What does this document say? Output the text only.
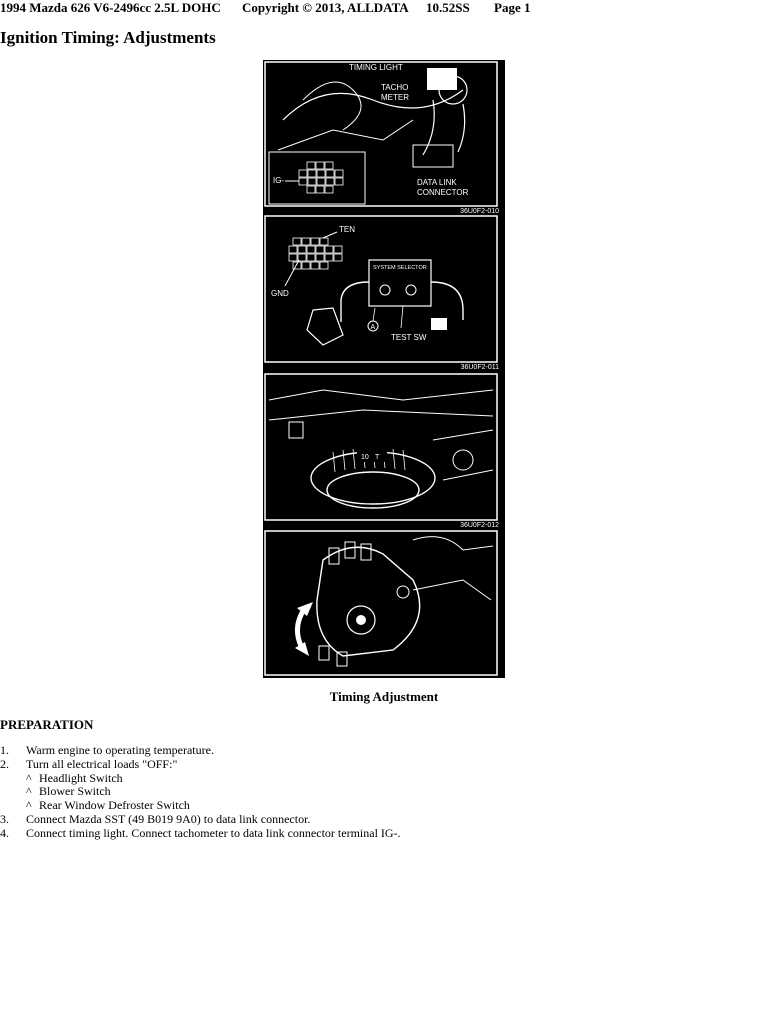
1994 Mazda 626 V6-2496cc 2.5L DOHC Copyright © 2013, ALLDATA 10.52SS Page 1
Ignition Timing: Adjustments
TIMING LIGHT
TACHO
METER
IG-	DATA LINK
CONNECTOR
36U0F2-010
TEN
GND
SYSTEM SELECTOR
A
TEST SW
36U0F2-011
10 T
36U0F2-012
Timing Adjustment
PREPARATION
1. Warm engine to operating temperature.
2. Turn all electrical loads "OFF:"
^ Headlight Switch
^ Blower Switch
^ Rear Window Defroster Switch
3. Connect Mazda SST (49 B019 9A0) to data link connector.
4. Connect timing light. Connect tachometer to data link connector terminal IG-.
